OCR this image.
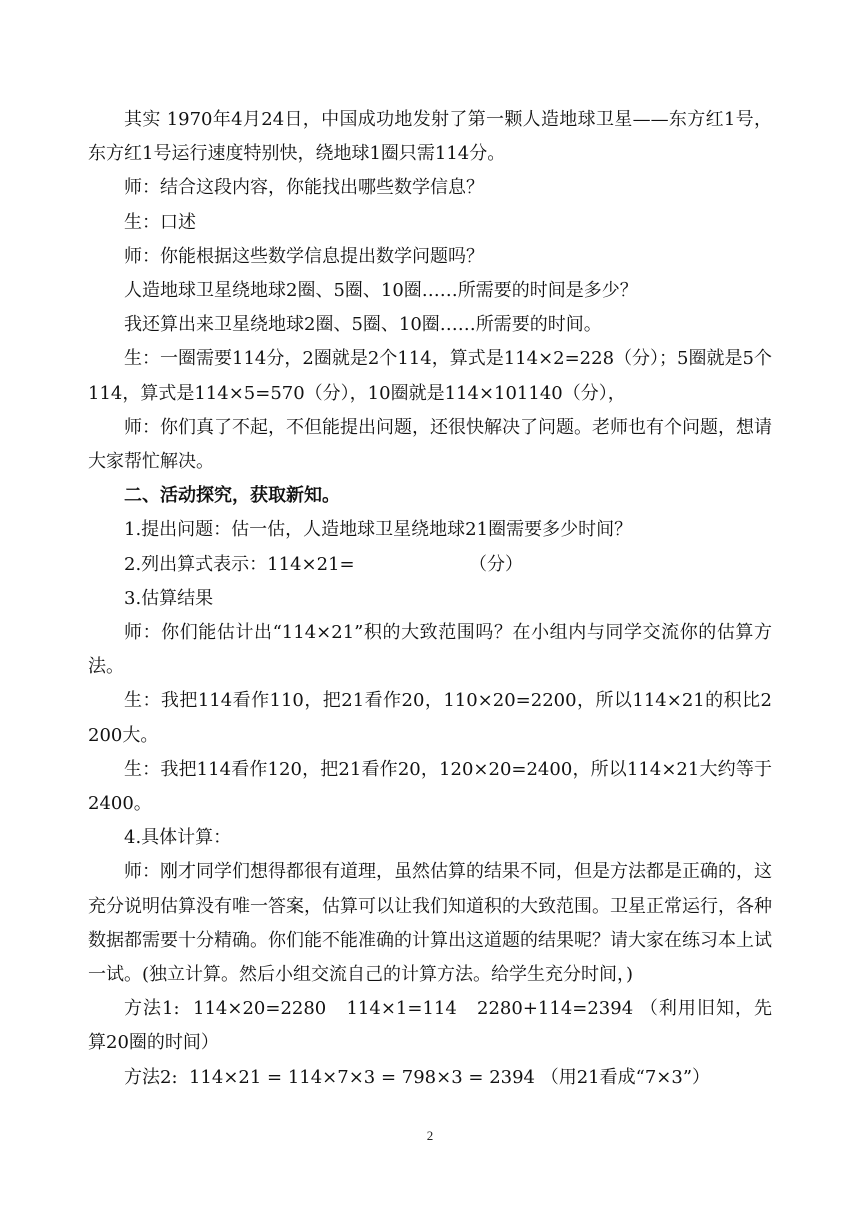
其实 1970年4月24日，中国成功地发射了第一颗人造地球卫星——东方红1号，东方红1号运行速度特别快，绕地球1圈只需114分。

师：结合这段内容，你能找出哪些数学信息？

生：口述

师：你能根据这些数学信息提出数学问题吗？

人造地球卫星绕地球2圈、5圈、10圈……所需要的时间是多少？

我还算出来卫星绕地球2圈、5圈、10圈……所需要的时间。

生：一圈需要114分，2圈就是2个114，算式是114×2=228（分）；5圈就是5个114，算式是114×5=570（分），10圈就是114×101140（分），

师：你们真了不起，不但能提出问题，还很快解决了问题。老师也有个问题，想请大家帮忙解决。

二、活动探究，获取新知。

1.提出问题：估一估，人造地球卫星绕地球21圈需要多少时间？

2.列出算式表示：114×21=                    （分）

3.估算结果

师：你们能估计出“114×21”积的大致范围吗？在小组内与同学交流你的估算方法。

生：我把114看作110，把21看作20，110×20=2200，所以114×21的积比2200大。

生：我把114看作120，把21看作20，120×20=2400，所以114×21大约等于2400。

4.具体计算：

师：刚才同学们想得都很有道理，虽然估算的结果不同，但是方法都是正确的，这充分说明估算没有唯一答案，估算可以让我们知道积的大致范围。卫星正常运行，各种数据都需要十分精确。你们能不能准确的计算出这道题的结果呢？请大家在练习本上试一试。(独立计算。然后小组交流自己的计算方法。给学生充分时间，)

方法1:  114×20=2280   114×1=114   2280+114=2394 （利用旧知，先算20圈的时间）

方法2:  114×21 = 114×7×3 = 798×3 = 2394 （用21看成“7×3”）

2
